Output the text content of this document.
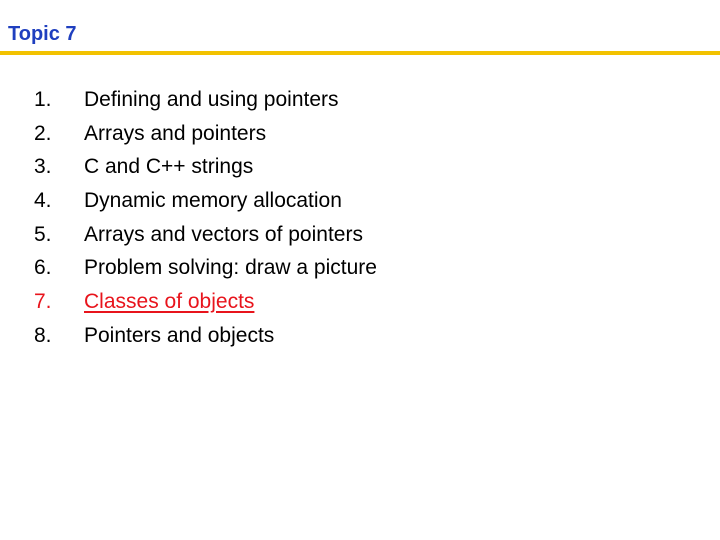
Topic 7
1.	Defining and using pointers
2.	Arrays and pointers
3.	C and C++ strings
4.	Dynamic memory allocation
5.	Arrays and vectors of pointers
6.	Problem solving: draw a picture
7.	Classes of objects
8.	Pointers and objects
